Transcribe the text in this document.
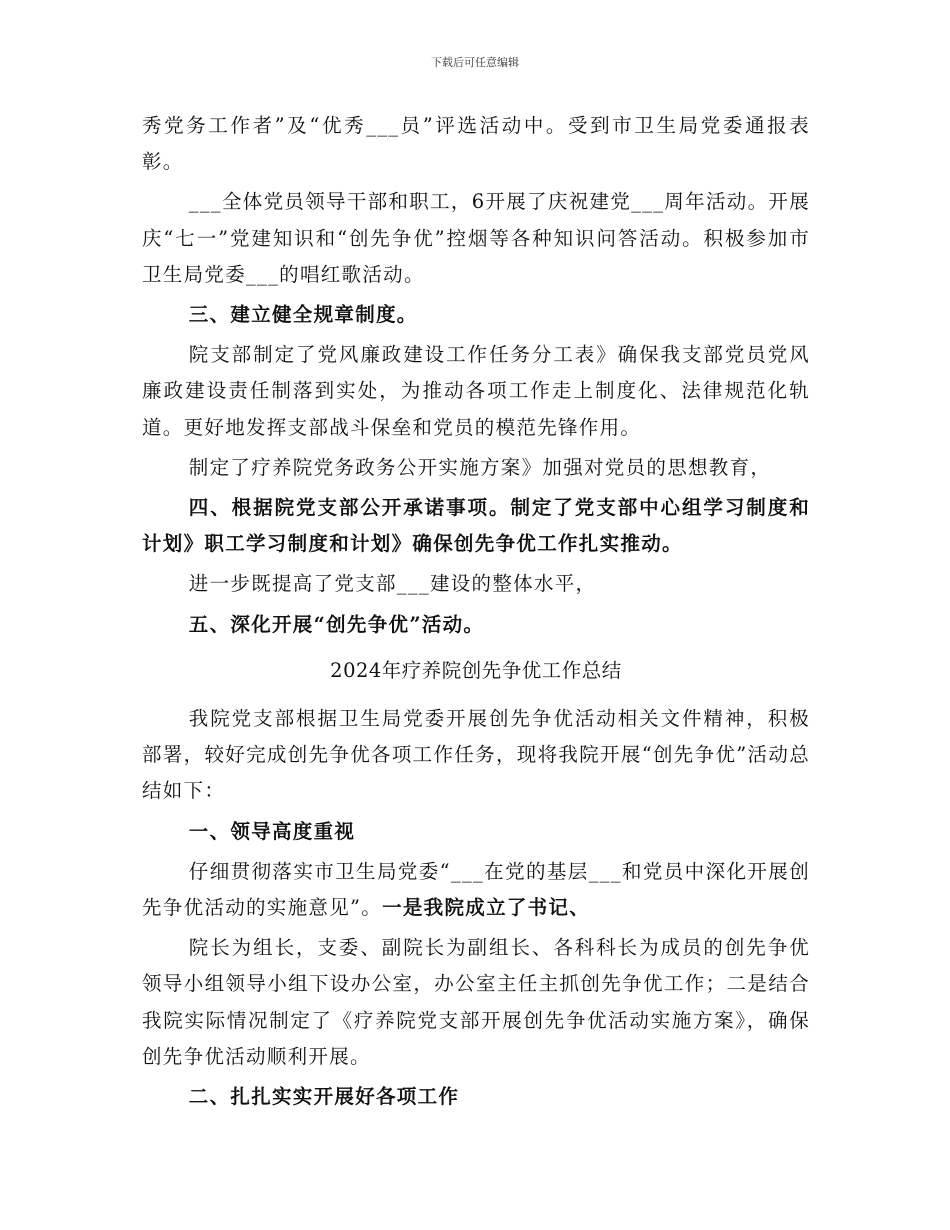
下载后可任意编辑

秀党务工作者”及“优秀___员”评选活动中。受到市卫生局党委通报表彰。

___全体党员领导干部和职工，6开展了庆祝建党___周年活动。开展庆“七一”党建知识和“创先争优”控烟等各种知识问答活动。积极参加市卫生局党委___的唱红歌活动。

三、建立健全规章制度。

院支部制定了党风廉政建设工作任务分工表》确保我支部党员党风廉政建设责任制落到实处，为推动各项工作走上制度化、法律规范化轨道。更好地发挥支部战斗保垒和党员的模范先锋作用。

制定了疗养院党务政务公开实施方案》加强对党员的思想教育，

四、根据院党支部公开承诺事项。制定了党支部中心组学习制度和计划》职工学习制度和计划》确保创先争优工作扎实推动。

进一步既提高了党支部___建设的整体水平，

五、深化开展“创先争优”活动。

2024年疗养院创先争优工作总结

我院党支部根据卫生局党委开展创先争优活动相关文件精神，积极部署，较好完成创先争优各项工作任务，现将我院开展“创先争优”活动总结如下：

一、领导高度重视

仔细贯彻落实市卫生局党委“___在党的基层___和党员中深化开展创先争优活动的实施意见”。一是我院成立了书记、

院长为组长，支委、副院长为副组长、各科科长为成员的创先争优领导小组领导小组下设办公室，办公室主任主抓创先争优工作；二是结合我院实际情况制定了《疗养院党支部开展创先争优活动实施方案》，确保创先争优活动顺利开展。

二、扎扎实实开展好各项工作
